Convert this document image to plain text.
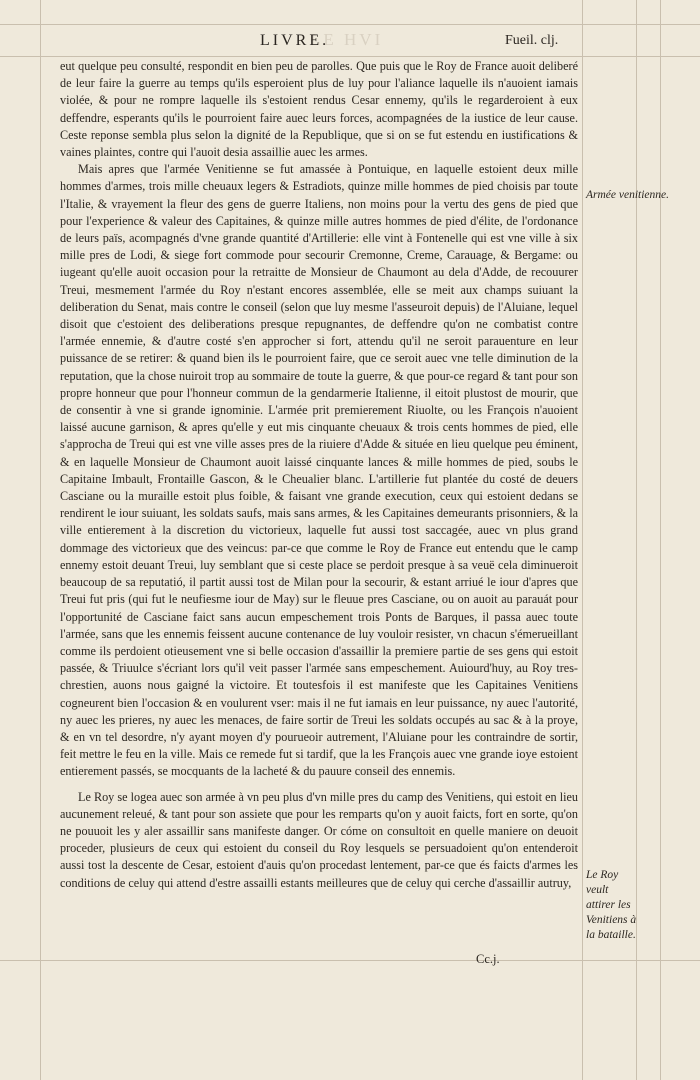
LE HVI
LIVRE.	Fueil. clj.

eut quelque peu consulté, respondit en bien peu de parolles. Que puis que le Roy de France auoit deliberé de leur faire la guerre au temps qu'ils esperoient plus de luy pour l'aliance laquelle ils n'auoient iamais violée, & pour ne rompre laquelle ils s'estoient rendus Cesar ennemy, qu'ils le regarderoient à eux deffendre, esperants qu'ils le pourroient faire auec leurs forces, acompagnées de la iustice de leur cause. Ceste reponse sembla plus selon la dignité de la Republique, que si on se fut estendu en iustifications & vaines plaintes, contre qui l'auoit desia assaillie auec les armes.

Mais apres que l'armée Venitienne se fut amassée à Pontuique, en laquelle estoient deux mille hommes d'armes, trois mille cheuaux legers & Estradiots, quinze mille hommes de pied choisis par toute l'Italie, & vrayement la fleur des gens de guerre Italiens, non moins pour la vertu des gens de pied que pour l'experience & valeur des Capitaines, & quinze mille autres hommes de pied d'élite, de l'ordonance de leurs païs, acompagnés d'vne grande quantité d'Artillerie: elle vint à Fontenelle qui est vne ville à six mille pres de Lodi, & siege fort commode pour secourir Cremonne, Creme, Carauage, & Bergame: ou iugeant qu'elle auoit occasion pour la retraitte de Monsieur de Chaumont au dela d'Adde, de recouurer Treui, mesmement l'armée du Roy n'estant encores assemblée, elle se meit aux champs suiuant la deliberation du Senat, mais contre le conseil (selon que luy mesme l'asseuroit depuis) de l'Aluiane, lequel disoit que c'estoient des deliberations presque repugnantes, de deffendre qu'on ne combatist contre l'armée ennemie, & d'autre costé s'en approcher si fort, attendu qu'il ne seroit parauenture en leur puissance de se retirer: & quand bien ils le pourroient faire, que ce seroit auec vne telle diminution de la reputation, que la chose nuiroit trop au sommaire de toute la guerre, & que pour-ce regard & tant pour son propre honneur que pour l'honneur commun de la gendarmerie Italienne, il eitoit plustost de mourir, que de consentir à vne si grande ignominie. L'armée prit premierement Riuolte, ou les François n'auoient laissé aucune garnison, & apres qu'elle y eut mis cinquante cheuaux & trois cents hommes de pied, elle s'approcha de Treui qui est vne ville asses pres de la riuiere d'Adde & située en lieu quelque peu éminent, & en laquelle Monsieur de Chaumont auoit laissé cinquante lances & mille hommes de pied, soubs le Capitaine Imbault, Frontaille Gascon, & le Cheualier blanc. L'artillerie fut plantée du costé de deuers Casciane ou la muraille estoit plus foible, & faisant vne grande execution, ceux qui estoient dedans se rendirent le iour suiuant, les soldats saufs, mais sans armes, & les Capitaines demeurants prisonniers, & la ville entierement à la discretion du victorieux, laquelle fut aussi tost saccagée, auec vn plus grand dommage des victorieux que des veincus: par-ce que comme le Roy de France eut entendu que le camp ennemy estoit deuant Treui, luy semblant que si ceste place se perdoit presque à sa veuë cela diminueroit beaucoup de sa reputatió, il partit aussi tost de Milan pour la secourir, & estant arriué le iour d'apres que Treui fut pris (qui fut le neufiesme iour de May) sur le fleuue pres Casciane, ou on auoit au parauát pour l'opportunité de Casciane faict sans aucun empeschement trois Ponts de Barques, il passa auec toute l'armée, sans que les ennemis feissent aucune contenance de luy vouloir resister, vn chacun s'émerueillant comme ils perdoient otieusement vne si belle occasion d'assaillir la premiere partie de ses gens qui estoit passée, & Triuulce s'écriant lors qu'il veit passer l'armée sans empeschement. Auiourd'huy, au Roy tres-chrestien, auons nous gaigné la victoire. Et toutesfois il est manifeste que les Capitaines Venitiens cogneurent bien l'occasion & en voulurent vser: mais il ne fut iamais en leur puissance, ny auec l'autorité, ny auec les prieres, ny auec les menaces, de faire sortir de Treui les soldats occupés au sac & à la proye, & en vn tel desordre, n'y ayant moyen d'y pourueoir autrement, l'Aluiane pour les contraindre de sortir, feit mettre le feu en la ville. Mais ce remede fut si tardif, que la les François auec vne grande ioye estoient entierement passés, se mocquants de la lacheté & du pauure conseil des ennemis.

Le Roy se logea auec son armée à vn peu plus d'vn mille pres du camp des Venitiens, qui estoit en lieu aucunement releué, & tant pour son assiete que pour les remparts qu'on y auoit faicts, fort en sorte, qu'on ne pouuoit les y aler assaillir sans manifeste danger. Or cóme on consultoit en quelle maniere on deuoit proceder, plusieurs de ceux qui estoient du conseil du Roy lesquels se persuadoient qu'on entenderoit aussi tost la descente de Cesar, estoient d'auis qu'on procedast lentement, par-ce que és faicts d'armes les conditions de celuy qui attend d'estre assailli estants meilleures que de celuy qui cerche d'assaillir autruy,

Armée venitienne.
Le Roy veult attirer les Venitiens à la bataille.
Cc.j.
